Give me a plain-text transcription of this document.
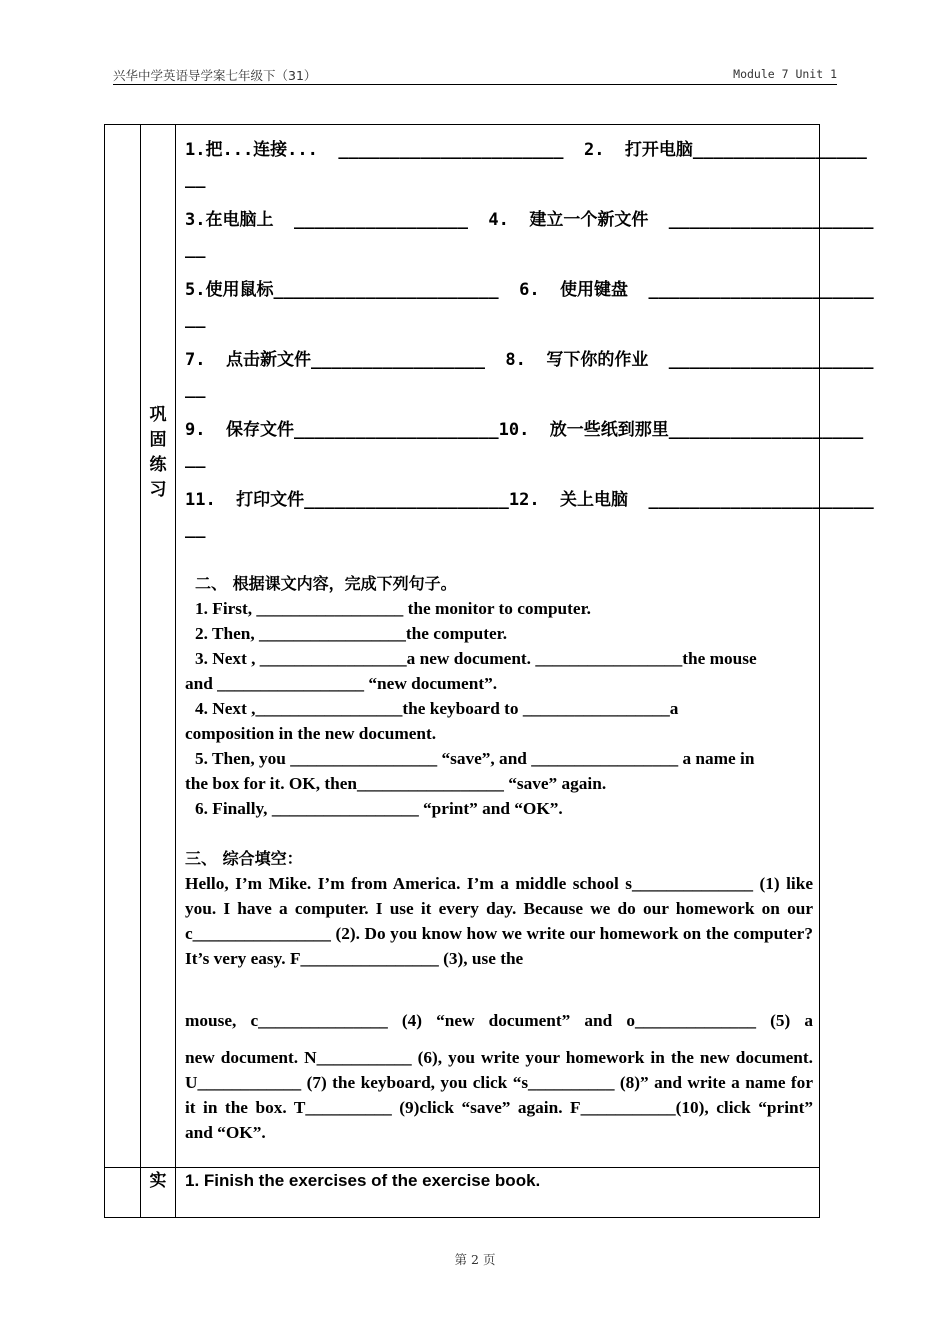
兴华中学英语导学案七年级下（31）	Module 7 Unit 1
巩
固
练
习
实
1.把...连接...  ______________________  2.  打开电脑_________________
__
3.在电脑上  _________________  4.  建立一个新文件  ____________________
__
5.使用鼠标______________________  6.  使用键盘  ______________________
__
7.  点击新文件_________________  8.  写下你的作业  ____________________
__
9.  保存文件____________________10.  放一些纸到那里___________________
__
11.  打印文件____________________12.  关上电脑  ______________________
__

二、 根据课文内容，完成下列句子。

1. First, _________________ the monitor to computer.

2. Then, _________________the computer.

3. Next , _________________a new document. _________________the mouse

and _________________ “new document”.

4. Next ,_________________the keyboard to _________________a

composition in the new document.

5. Then, you _________________ “save”, and _________________ a name in

the box for it. OK, then_________________ “save” again.

6. Finally, _________________ “print” and “OK”.

三、 综合填空：

Hello, I’m Mike. I’m from America. I’m a middle school s______________ (1) like you. I have a computer. I use it every day. Because we do our homework on our c________________ (2). Do you know how we write our homework on the computer? It’s very easy. F________________ (3), use the

mouse, c_______________ (4) “new document” and o______________ (5) a

new document. N___________ (6), you write your homework in the new document. U____________ (7) the keyboard, you click “s__________ (8)” and write a name for it in the box. T__________ (9)click “save” again. F___________(10), click “print” and “OK”.

1. Finish the exercises of the exercise book.
第 2 页
